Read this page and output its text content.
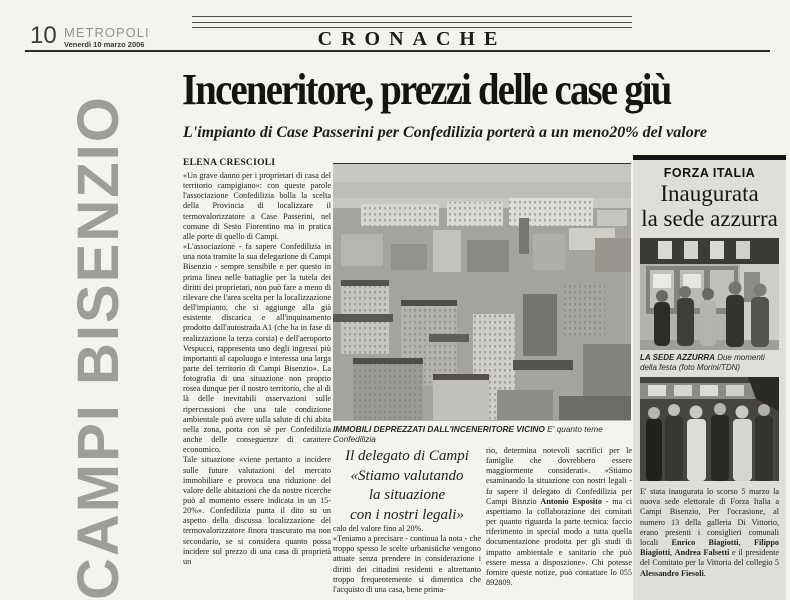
10 METROPOLI
Venerdì 10 marzo 2006	CRONACHE
CAMPI BISENZIO
Inceneritore, prezzi delle case giù
L'impianto di Case Passerini per Confedilizia porterà a un meno20% del valore
ELENA CRESCIOLI

«Un grave danno per i proprietari di casa del territorio campigiano»: con queste parole l'associazione Confedilizia bolla la scelta della Provincia di localizzare il termovalorizzatore a Case Passerini, nel comune di Sesto Fiorentino ma in pratica alle porte di quello di Campi.

«L'associazione - fa sapere Confedilizia in una nota tramite la sua delegazione di Campi Bisenzio - sempre sensibile e per questo in prima linea nelle battaglie per la tutela dei diritti dei proprietari, non può fare a meno di rilevare che l'area scelta per la localizzazione dell'impianto, che si aggiunge alla già esistente discarica e all'inquinamento prodotto dall'autostrada A1 (che ha in fase di realizzazione la terza corsia) e dell'aeroporto Vespucci, rappresenta uno degli ingressi più importanti al capoluogo e interessa una larga parte del territorio di Campi Bisenzio». La fotografia di una situazione non proprio rosea dunque per il nostro territorio, che al di là delle inevitabili osservazioni sulle ripercussioni che una tale condizione ambientale può avere sulla salute di chi abita nella zona, porta con sè per Confedilizia anche delle conseguenze di carattere economico.

Tale situazione «viene pertanto a incidere sulle future valutazioni del mercato immobiliare e provoca una riduzione del valore delle abitazioni che da nostre ricerche può al momento essere indicata in un 15-20%». Confedilizia punta il dito su un aspetto della discussa localizzazione del termovalorizzatore finora trascurato ma non secondario, se si considera quanto possa incidere sul prezzo di una casa di proprietà un

IMMOBILI DEPREZZATI DALL'INCENERITORE VICINO E' quanto teme Confedilizia
Il delegato di Campi
«Stiamo valutando
la situazione
con i nostri legali»

calo del valore fino al 20%.

«Teniamo a precisare - continua la nota - che troppo spesso le scelte urbanistiche vengono attuate senza prendere in considerazione i diritti dei cittadini residenti e altrettanto troppo frequentemente si dimentica che l'acquisto di una casa, bene prima-

rio, determina notevoli sacrifici per le famiglie che dovrebbero essere maggiormente considerati». «Stiamo esaminando la situazione con nostri legali - fa sapere il delegato di Confedilizia per Campi Bisnzio Antonio Esposito - ma ci aspettiamo la collaborazione dei comitati per quanto riguarda la parte tecnica: faccio riferimento in special modo a tutta quella documentazione prodotta per gli studi di impatto ambientale e sanitario che può essere messa a disposzione». Chi potesse fornire queste notize, può contattare lo 055 892809.

FORZA ITALIA

Inaugurata
la sede azzurra

LA SEDE AZZURRA Due momenti della festa (foto Morini/TDN)

E' stata inaugurata lo scorso 5 marzo la nuova sede elettorale di Forza Italia a Campi Bisenzio, Per l'occasione, al numero 13 della galleria Di Vittorio, erano presenti i consiglieri comunali locali Enrico Biagiotti, Filippo Biagiotti, Andrea Falsetti e il presidente del Comitato per la Vittoria del collegio 5 Alessandro Fiesoli.
